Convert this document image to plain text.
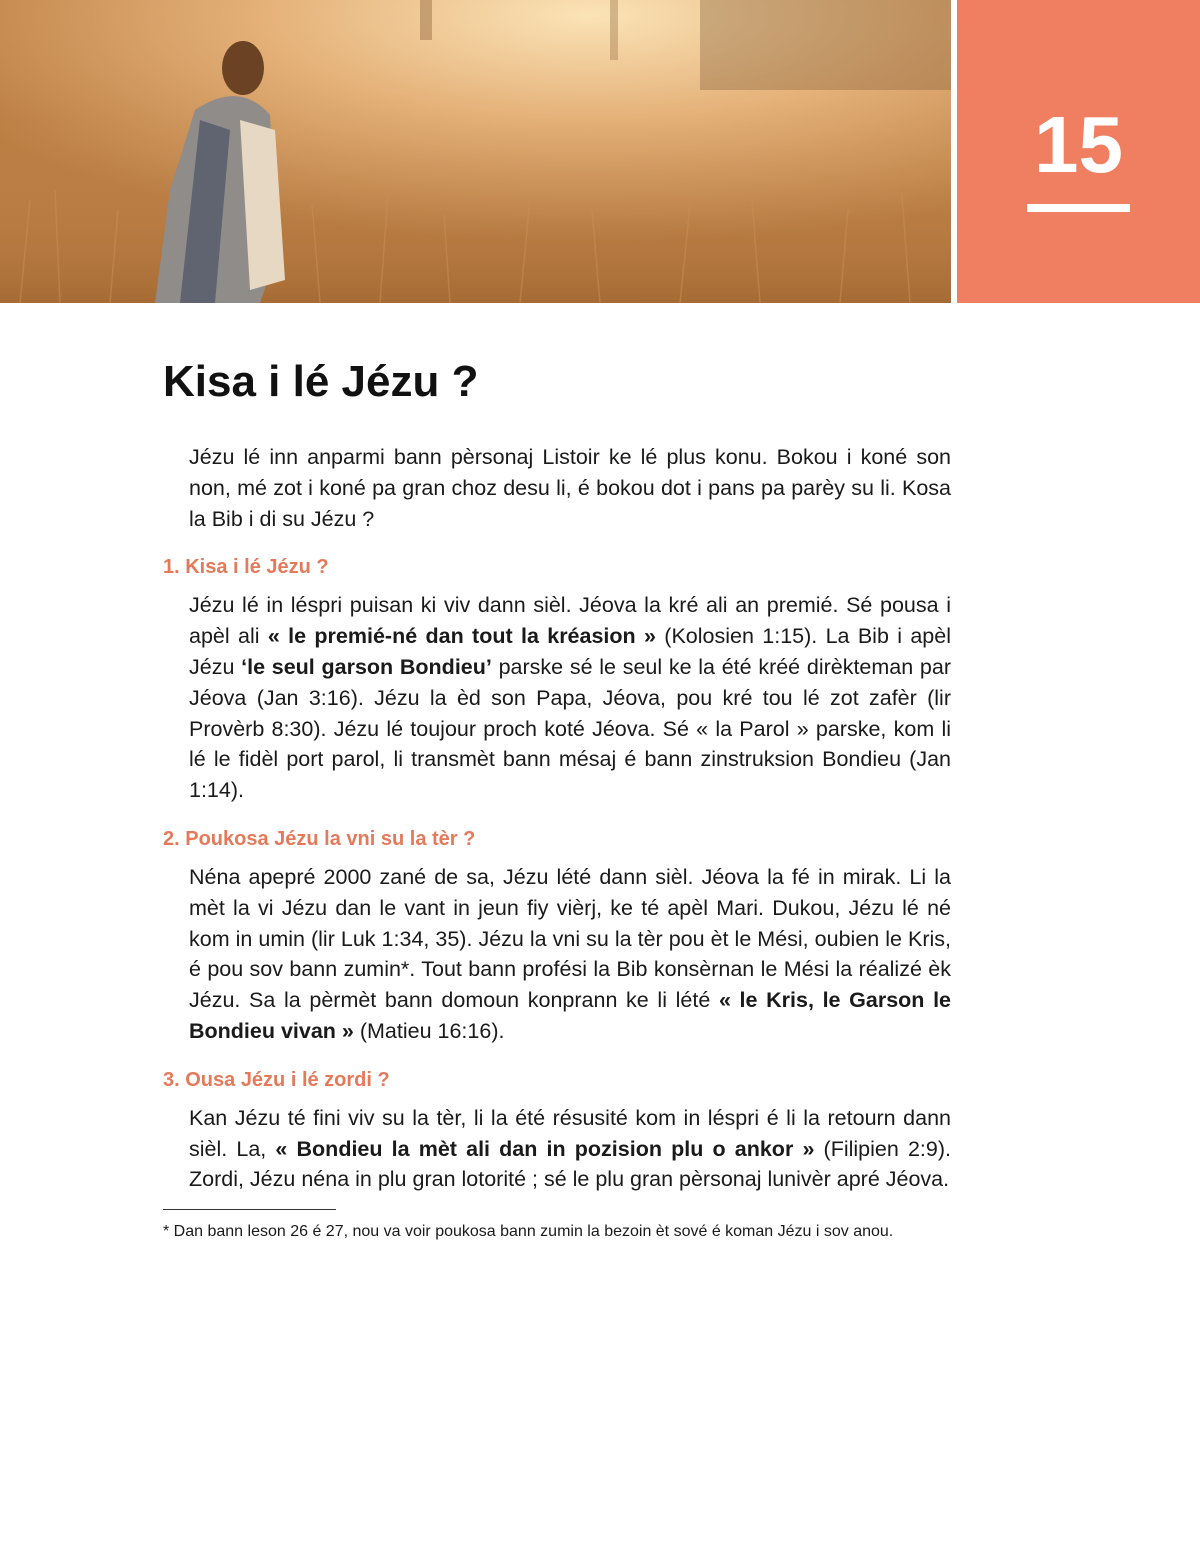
15
Kisa i lé Jézu ?

Jézu lé inn anparmi bann pèrsonaj Listoir ke lé plus konu. Bokou i koné son non, mé zot i koné pa gran choz desu li, é bokou dot i pans pa parèy su li. Kosa la Bib i di su Jézu ?

1. Kisa i lé Jézu ?

Jézu lé in léspri puisan ki viv dann sièl. Jéova la kré ali an premié. Sé pousa i apèl ali « le premié-né dan tout la kréasion » (Kolosien 1:15). La Bib i apèl Jézu ‘le seul garson Bondieu’ parske sé le seul ke la été kréé dirèkteman par Jéova (Jan 3:16). Jézu la èd son Papa, Jéova, pou kré tou lé zot zafèr (lir Provèrb 8:30). Jézu lé toujour proch koté Jéova. Sé « la Parol » parske, kom li lé le fidèl port parol, li transmèt bann mésaj é bann zinstruksion Bondieu (Jan 1:14).

2. Poukosa Jézu la vni su la tèr ?

Néna apepré 2000 zané de sa, Jézu lété dann sièl. Jéova la fé in mirak. Li la mèt la vi Jézu dan le vant in jeun fiy vièrj, ke té apèl Mari. Dukou, Jézu lé né kom in umin (lir Luk 1:34, 35). Jézu la vni su la tèr pou èt le Mési, oubien le Kris, é pou sov bann zumin*. Tout bann profési la Bib konsèrnan le Mési la réalizé èk Jézu. Sa la pèrmèt bann domoun konprann ke li lété « le Kris, le Garson le Bondieu vivan » (Matieu 16:16).

3. Ousa Jézu i lé zordi ?

Kan Jézu té fini viv su la tèr, li la été résusité kom in léspri é li la retourn dann sièl. La, « Bondieu la mèt ali dan in pozision plu o ankor » (Filipien 2:9). Zordi, Jézu néna in plu gran lotorité ; sé le plu gran pèrsonaj lunivèr apré Jéova.

* Dan bann leson 26 é 27, nou va voir poukosa bann zumin la bezoin èt sové é koman Jézu i sov anou.
